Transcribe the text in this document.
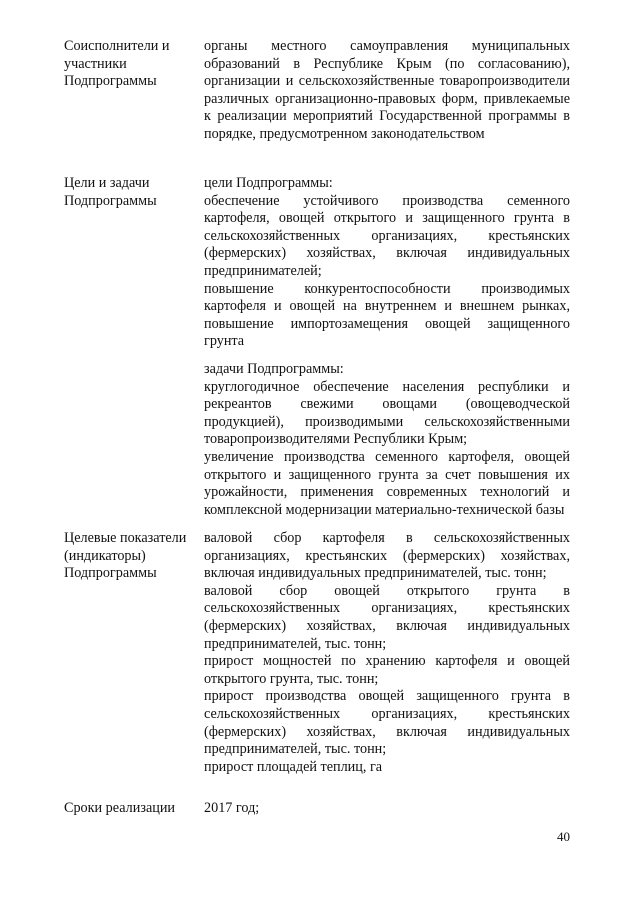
Соисполнители и
участники
Подпрограммы

органы местного самоуправления муниципальных образований в Республике Крым (по согласованию), организации и сельскохозяйственные товаропроизводители различных организационно-правовых форм, привлекаемые к реализации мероприятий Государственной программы в порядке, предусмотренном законодательством

Цели и задачи
Подпрограммы

цели Подпрограммы:

обеспечение устойчивого производства семенного картофеля, овощей открытого и защищенного грунта в сельскохозяйственных организациях, крестьянских (фермерских) хозяйствах, включая индивидуальных предпринимателей;

повышение конкурентоспособности производимых картофеля и овощей на внутреннем и внешнем рынках, повышение импортозамещения овощей защищенного грунта

задачи Подпрограммы:

круглогодичное обеспечение населения республики и рекреантов свежими овощами (овощеводческой продукцией), производимыми сельскохозяйственными товаропроизводителями Республики Крым;

увеличение производства семенного картофеля, овощей открытого и защищенного грунта за счет повышения их урожайности, применения современных технологий и комплексной модернизации материально-технической базы

Целевые показатели
(индикаторы)
Подпрограммы

валовой сбор картофеля в сельскохозяйственных организациях, крестьянских (фермерских) хозяйствах, включая индивидуальных предпринимателей, тыс. тонн;

валовой сбор овощей открытого грунта в сельскохозяйственных организациях, крестьянских (фермерских) хозяйствах, включая индивидуальных предпринимателей, тыс. тонн;

прирост мощностей по хранению картофеля и овощей открытого грунта, тыс. тонн;

прирост производства овощей защищенного грунта в сельскохозяйственных организациях, крестьянских (фермерских) хозяйствах, включая индивидуальных предпринимателей, тыс. тонн;

прирост площадей теплиц, га

Сроки реализации	2017 год;

40
